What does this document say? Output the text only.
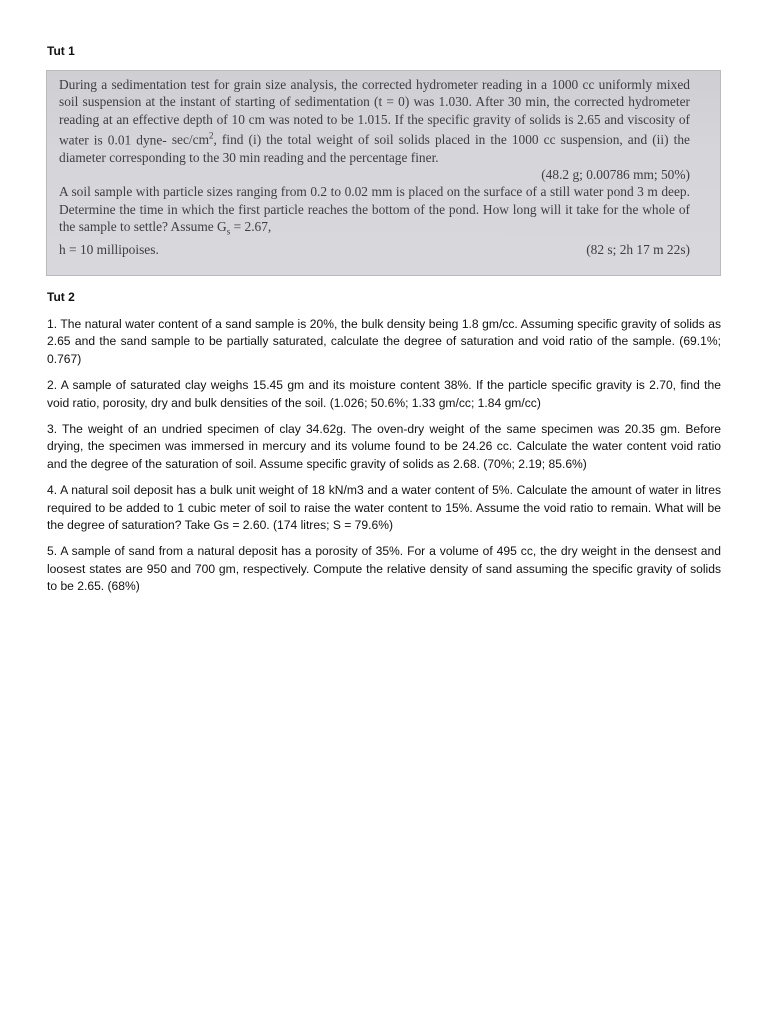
Tut 1

During a sedimentation test for grain size analysis, the corrected hydrometer reading in a 1000 cc uniformly mixed soil suspension at the instant of starting of sedimentation (t = 0) was 1.030. After 30 min, the corrected hydrometer reading at an effective depth of 10 cm was noted to be 1.015. If the specific gravity of solids is 2.65 and viscosity of water is 0.01 dyne- $\sec/cm^2$, find (i) the total weight of soil solids placed in the 1000 cc suspension, and (ii) the diameter corresponding to the 30 min reading and the percentage finer.

(48.2 g; 0.00786 mm; 50%)

A soil sample with particle sizes ranging from 0.2 to 0.02 mm is placed on the surface of a still water pond 3 m deep. Determine the time in which the first particle reaches the bottom of the pond. How long will it take for the whole of the sample to settle? Assume $G_s = 2.67$,

h = 10 millipoises.	(82 s; 2h 17 m 22s)
Tut 2

1. The natural water content of a sand sample is 20%, the bulk density being 1.8 gm/cc. Assuming specific gravity of solids as 2.65 and the sand sample to be partially saturated, calculate the degree of saturation and void ratio of the sample. (69.1%; 0.767)

2. A sample of saturated clay weighs 15.45 gm and its moisture content 38%. If the particle specific gravity is 2.70, find the void ratio, porosity, dry and bulk densities of the soil. (1.026; 50.6%; 1.33 gm/cc; 1.84 gm/cc)

3. The weight of an undried specimen of clay 34.62g. The oven-dry weight of the same specimen was 20.35 gm. Before drying, the specimen was immersed in mercury and its volume found to be 24.26 cc. Calculate the water content void ratio and the degree of the saturation of soil. Assume specific gravity of solids as 2.68. (70%; 2.19; 85.6%)

4. A natural soil deposit has a bulk unit weight of 18 kN/m3 and a water content of 5%. Calculate the amount of water in litres required to be added to 1 cubic meter of soil to raise the water content to 15%. Assume the void ratio to remain. What will be the degree of saturation? Take Gs = 2.60. (174 litres; S = 79.6%)

5. A sample of sand from a natural deposit has a porosity of 35%. For a volume of 495 cc, the dry weight in the densest and loosest states are 950 and 700 gm, respectively. Compute the relative density of sand assuming the specific gravity of solids to be 2.65. (68%)
